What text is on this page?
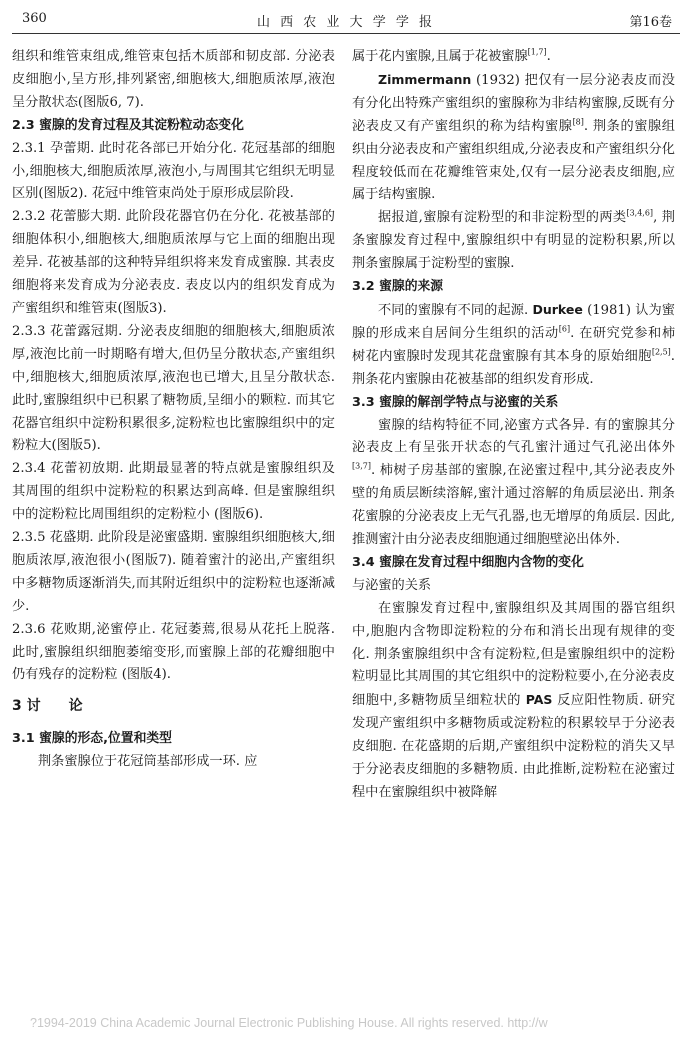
360	山 西 农 业 大 学 学 报	第16卷

组织和维管束组成,维管束包括木质部和韧皮部. 分泌表皮细胞小,呈方形,排列紧密,细胞核大,细胞质浓厚,液泡呈分散状态(图版6, 7).

2.3 蜜腺的发育过程及其淀粉粒动态变化

2.3.1 孕蕾期. 此时花各部已开始分化. 花冠基部的细胞小,细胞核大,细胞质浓厚,液泡小,与周围其它组织无明显区别(图版2). 花冠中维管束尚处于原形成层阶段.

2.3.2 花蕾膨大期. 此阶段花器官仍在分化. 花被基部的细胞体积小,细胞核大,细胞质浓厚与它上面的细胞出现差异. 花被基部的这种特异组织将来发育成蜜腺. 其表皮细胞将来发育成为分泌表皮. 表皮以内的组织发育成为产蜜组织和维管束(图版3).

2.3.3 花蕾露冠期. 分泌表皮细胞的细胞核大,细胞质浓厚,液泡比前一时期略有增大,但仍呈分散状态,产蜜组织中,细胞核大,细胞质浓厚,液泡也已增大,且呈分散状态. 此时,蜜腺组织中已积累了糖物质,呈细小的颗粒. 而其它花器官组织中淀粉积累很多,淀粉粒也比蜜腺组织中的定粉粒大(图版5).

2.3.4 花蕾初放期. 此期最显著的特点就是蜜腺组织及其周围的组织中淀粉粒的积累达到高峰. 但是蜜腺组织中的淀粉粒比周围组织的定粉粒小 (图版6).

2.3.5 花盛期. 此阶段是泌蜜盛期. 蜜腺组织细胞核大,细胞质浓厚,液泡很小(图版7). 随着蜜汁的泌出,产蜜组织中多糖物质逐渐消失,而其附近组织中的淀粉粒也逐渐减少.

2.3.6 花败期,泌蜜停止. 花冠萎蔫,很易从花托上脱落. 此时,蜜腺组织细胞萎缩变形,而蜜腺上部的花瓣细胞中仍有残存的淀粉粒 (图版4).

3 讨　　论

3.1 蜜腺的形态,位置和类型

荆条蜜腺位于花冠筒基部形成一环. 应

属于花内蜜腺,且属于花被蜜腺[1,7].

Zimmermann (1932) 把仅有一层分泌表皮而没有分化出特殊产蜜组织的蜜腺称为非结构蜜腺,反既有分泌表皮又有产蜜组织的称为结构蜜腺[8]. 荆条的蜜腺组织由分泌表皮和产蜜组织组成,分泌表皮和产蜜组织分化程度较低而在花瓣维管束处,仅有一层分泌表皮细胞,应属于结构蜜腺.

据报道,蜜腺有淀粉型的和非淀粉型的两类[3,4,6], 荆条蜜腺发育过程中,蜜腺组织中有明显的淀粉积累,所以荆条蜜腺属于淀粉型的蜜腺.

3.2 蜜腺的来源

不同的蜜腺有不同的起源. Durkee (1981) 认为蜜腺的形成来自居间分生组织的活动[6]. 在研究党参和柿树花内蜜腺时发现其花盘蜜腺有其本身的原始细胞[2,5]. 荆条花内蜜腺由花被基部的组织发育形成.

3.3 蜜腺的解剖学特点与泌蜜的关系

蜜腺的结构特征不同,泌蜜方式各异. 有的蜜腺其分泌表皮上有呈张开状态的气孔蜜汁通过气孔泌出体外[3,7]. 柿树子房基部的蜜腺,在泌蜜过程中,其分泌表皮外壁的角质层断续溶解,蜜汁通过溶解的角质层泌出. 荆条花蜜腺的分泌表皮上无气孔器,也无增厚的角质层. 因此,推测蜜汁由分泌表皮细胞通过细胞壁泌出体外.

3.4 蜜腺在发育过程中细胞内含物的变化

与泌蜜的关系

在蜜腺发育过程中,蜜腺组织及其周围的器官组织中,胞胞内含物即淀粉粒的分布和消长出现有规律的变化. 荆条蜜腺组织中含有淀粉粒,但是蜜腺组织中的淀粉粒明显比其周围的其它组织中的淀粉粒要小,在分泌表皮细胞中,多糖物质呈细粒状的 PAS 反应阳性物质. 研究发现产蜜组织中多糖物质或淀粉粒的积累较早于分泌表皮细胞. 在花盛期的后期,产蜜组织中淀粉粒的消失又早于分泌表皮细胞的多糖物质. 由此推断,淀粉粒在泌蜜过程中在蜜腺组织中被降解

?1994-2019 China Academic Journal Electronic Publishing House. All rights reserved. http://w
